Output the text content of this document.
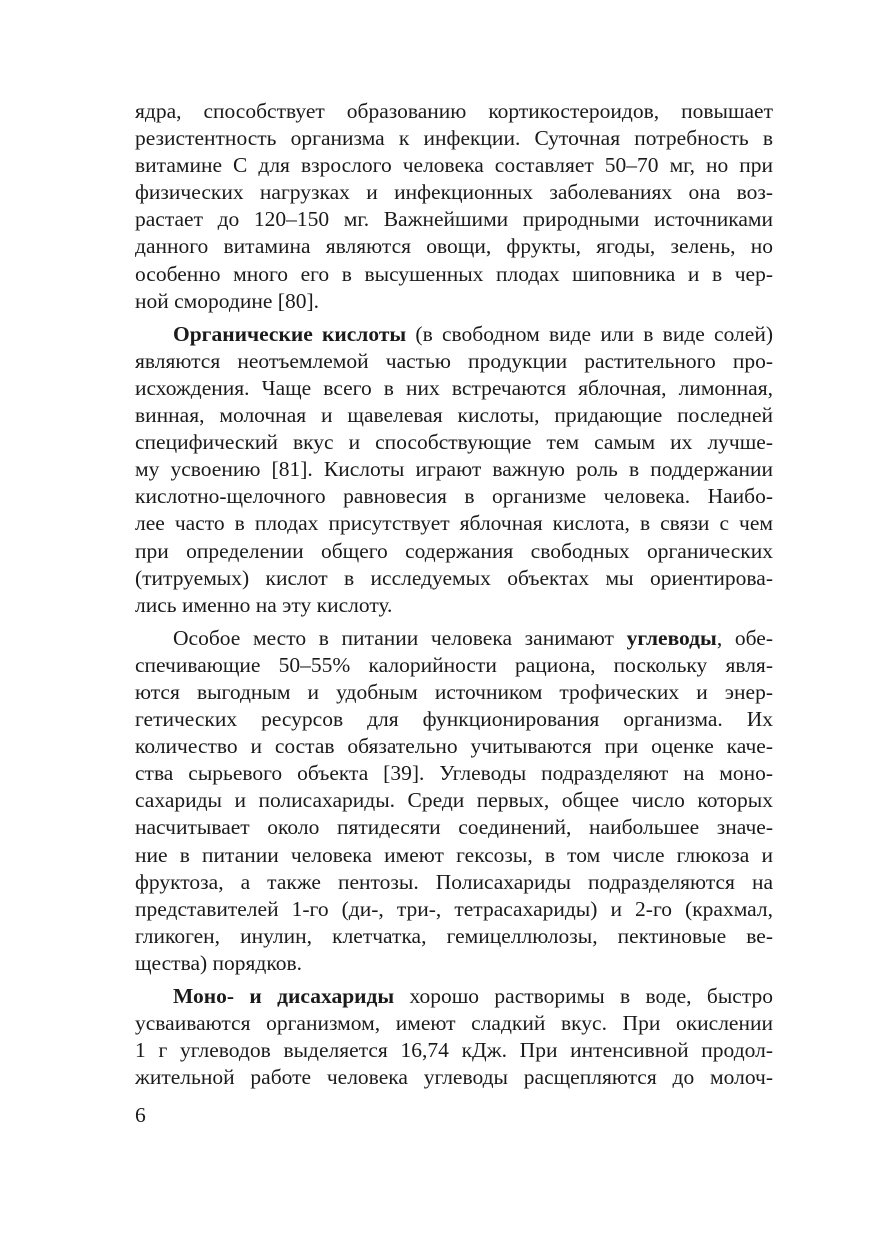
ядра, способствует образованию кортикостероидов, повышает
резистентность организма к инфекции. Суточная потребность в
витамине С для взрослого человека составляет 50–70 мг, но при
физических нагрузках и инфекционных заболеваниях она воз-
растает до 120–150 мг. Важнейшими природными источниками
данного витамина являются овощи, фрукты, ягоды, зелень, но
особенно много его в высушенных плодах шиповника и в чер-
ной смородине [80].
Органические кислоты (в свободном виде или в виде солей)
являются неотъемлемой частью продукции растительного про-
исхождения. Чаще всего в них встречаются яблочная, лимонная,
винная, молочная и щавелевая кислоты, придающие последней
специфический вкус и способствующие тем самым их лучше-
му усвоению [81]. Кислоты играют важную роль в поддержании
кислотно-щелочного равновесия в организме человека. Наибо-
лее часто в плодах присутствует яблочная кислота, в связи с чем
при определении общего содержания свободных органических
(титруемых) кислот в исследуемых объектах мы ориентирова-
лись именно на эту кислоту.
Особое место в питании человека занимают углеводы, обе-
спечивающие 50–55% калорийности рациона, поскольку явля-
ются выгодным и удобным источником трофических и энер-
гетических ресурсов для функционирования организма. Их
количество и состав обязательно учитываются при оценке каче-
ства сырьевого объекта [39]. Углеводы подразделяют на моно-
сахариды и полисахариды. Среди первых, общее число которых
насчитывает около пятидесяти соединений, наибольшее значе-
ние в питании человека имеют гексозы, в том числе глюкоза и
фруктоза, а также пентозы. Полисахариды подразделяются на
представителей 1-го (ди-, три-, тетрасахариды) и 2-го (крахмал,
гликоген, инулин, клетчатка, гемицеллюлозы, пектиновые ве-
щества) порядков.
Моно- и дисахариды хорошо растворимы в воде, быстро
усваиваются организмом, имеют сладкий вкус. При окислении
1 г углеводов выделяется 16,74 кДж. При интенсивной продол-
жительной работе человека углеводы расщепляются до молоч-
6
